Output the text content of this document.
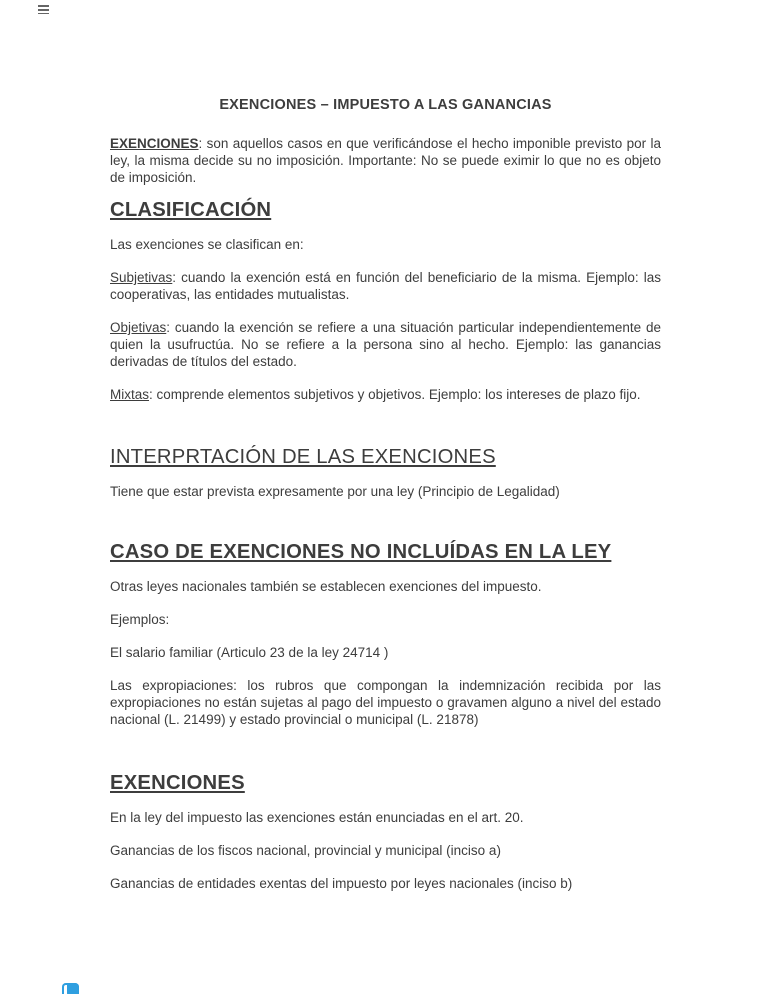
EXENCIONES – IMPUESTO A LAS GANANCIAS

EXENCIONES: son aquellos casos en que verificándose el hecho imponible previsto por la ley, la misma decide su no imposición. Importante: No se puede eximir lo que no es objeto de imposición.

CLASIFICACIÓN

Las exenciones se clasifican en:

Subjetivas: cuando la exención está en función del beneficiario de la misma. Ejemplo: las cooperativas, las entidades mutualistas.

Objetivas: cuando la exención se refiere a una situación particular independientemente de quien la usufructúa. No se refiere a la persona sino al hecho. Ejemplo: las ganancias derivadas de títulos del estado.

Mixtas: comprende elementos subjetivos y objetivos. Ejemplo: los intereses de plazo fijo.

INTERPRTACIÓN DE LAS EXENCIONES

Tiene que estar prevista expresamente por una ley (Principio de Legalidad)

CASO DE EXENCIONES NO INCLUÍDAS EN LA LEY

Otras leyes nacionales también se establecen exenciones del impuesto.

Ejemplos:

El salario familiar (Articulo 23 de la ley 24714 )

Las expropiaciones: los rubros que compongan la indemnización recibida por las expropiaciones no están sujetas al pago del impuesto o gravamen alguno a nivel del estado nacional (L. 21499) y estado provincial o municipal (L. 21878)

EXENCIONES

En la ley del impuesto las exenciones están enunciadas en el art. 20.

Ganancias de los fiscos nacional, provincial y municipal (inciso a)

Ganancias de entidades exentas del impuesto por leyes nacionales (inciso b)
